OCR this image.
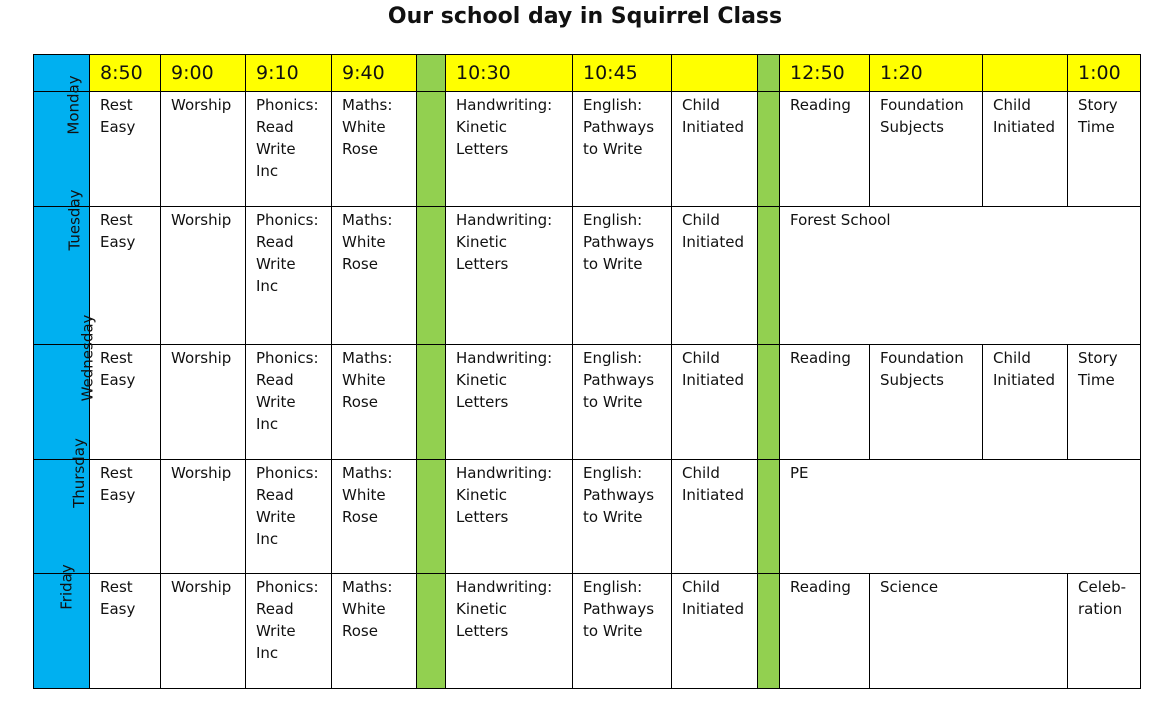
Our school day in Squirrel Class
	8:50	9:00	9:10	9:40		10:30	10:45			12:50	1:20		1:00
Monday	Rest Easy	Worship	Phonics: Read Write Inc	Maths: White Rose		Handwriting: Kinetic Letters	English: Pathways to Write	Child Initiated		Reading	Foundation Subjects	Child Initiated	Story Time
Tuesday	Rest Easy	Worship	Phonics: Read Write Inc	Maths: White Rose		Handwriting: Kinetic Letters	English: Pathways to Write	Child Initiated		Forest School			
Wednesday	Rest Easy	Worship	Phonics: Read Write Inc	Maths: White Rose		Handwriting: Kinetic Letters	English: Pathways to Write	Child Initiated		Reading	Foundation Subjects	Child Initiated	Story Time
Thursday	Rest Easy	Worship	Phonics: Read Write Inc	Maths: White Rose		Handwriting: Kinetic Letters	English: Pathways to Write	Child Initiated		PE			
Friday	Rest Easy	Worship	Phonics: Read Write Inc	Maths: White Rose		Handwriting: Kinetic Letters	English: Pathways to Write	Child Initiated		Reading	Science		Celeb-ration
